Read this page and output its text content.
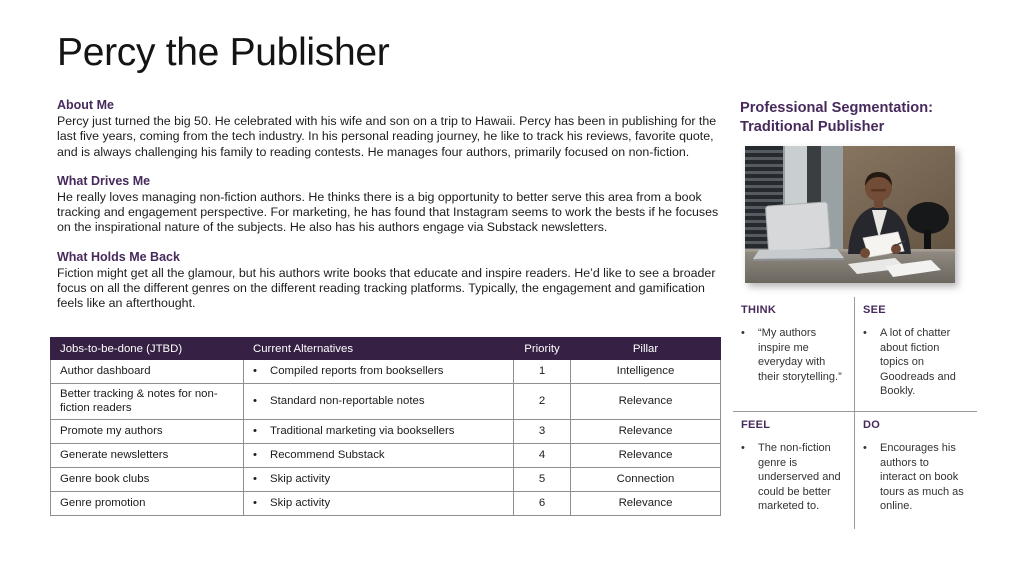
Percy the Publisher
About Me

Percy just turned the big 50. He celebrated with his wife and son on a trip to Hawaii. Percy has been in publishing for the last five years, coming from the tech industry. In his personal reading journey, he like to track his reviews, favorite quote, and is always challenging his family to reading contests. He manages four authors, primarily focused on non-fiction.

What Drives Me

He really loves managing non-fiction authors. He thinks there is a big opportunity to better serve this area from a book tracking and engagement perspective. For marketing, he has found that Instagram seems to work the bests if he focuses on the inspirational nature of the subjects. He also has his authors engage via Substack newsletters.

What Holds Me Back

Fiction might get all the glamour, but his authors write books that educate and inspire readers. He’d like to see a broader focus on all the different genres on the different reading tracking platforms. Typically, the engagement and gamification feels like an afterthought.

Jobs-to-be-done (JTBD)	Current Alternatives	Priority	Pillar
Author dashboard	• Compiled reports from booksellers	1	Intelligence
Better tracking & notes for non-fiction readers	• Standard non-reportable notes	2	Relevance
Promote my authors	• Traditional marketing via booksellers	3	Relevance
Generate newsletters	• Recommend Substack	4	Relevance
Genre book clubs	• Skip activity	5	Connection
Genre promotion	• Skip activity	6	Relevance
Professional Segmentation: Traditional Publisher
THINK
•	“My authors inspire me everyday with their storytelling.”
SEE
•	A lot of chatter about fiction topics on Goodreads and Bookly.
FEEL
•	The non-fiction genre is underserved and could be better marketed to.
DO
•	Encourages his authors to interact on book tours as much as online.
